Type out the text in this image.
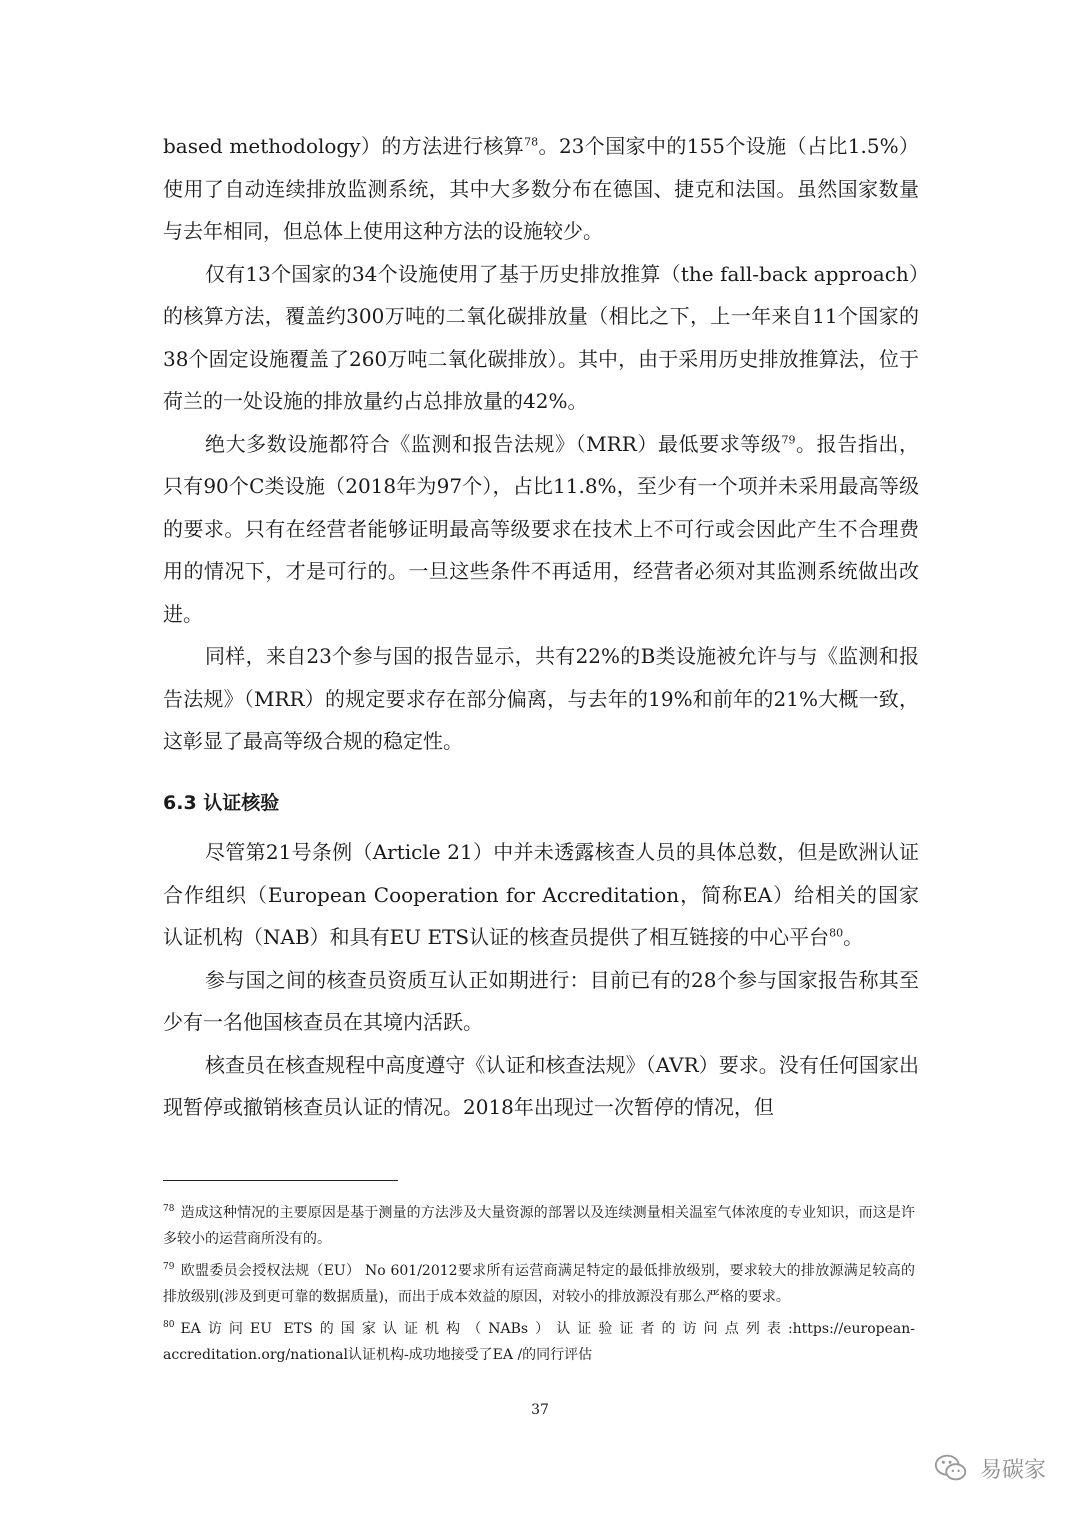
based methodology）的方法进行核算$^{78}$。23个国家中的155个设施（占比1.5%）使用了自动连续排放监测系统，其中大多数分布在德国、捷克和法国。虽然国家数量与去年相同，但总体上使用这种方法的设施较少。

仅有13个国家的34个设施使用了基于历史排放推算（the fall-back approach）的核算方法，覆盖约300万吨的二氧化碳排放量（相比之下，上一年来自11个国家的38个固定设施覆盖了260万吨二氧化碳排放）。其中，由于采用历史排放推算法，位于荷兰的一处设施的排放量约占总排放量的42%。

绝大多数设施都符合《监测和报告法规》（MRR）最低要求等级$^{79}$。报告指出，只有90个C类设施（2018年为97个），占比11.8%，至少有一个项并未采用最高等级的要求。只有在经营者能够证明最高等级要求在技术上不可行或会因此产生不合理费用的情况下，才是可行的。一旦这些条件不再适用，经营者必须对其监测系统做出改进。

同样，来自23个参与国的报告显示，共有22%的B类设施被允许与与《监测和报告法规》（MRR）的规定要求存在部分偏离，与去年的19%和前年的21%大概一致，这彰显了最高等级合规的稳定性。

6.3 认证核验

尽管第21号条例（Article 21）中并未透露核查人员的具体总数，但是欧洲认证合作组织（European Cooperation for Accreditation，简称EA）给相关的国家认证机构（NAB）和具有EU ETS认证的核查员提供了相互链接的中心平台$^{80}$。

参与国之间的核查员资质互认正如期进行：目前已有的28个参与国家报告称其至少有一名他国核查员在其境内活跃。

核查员在核查规程中高度遵守《认证和核查法规》（AVR）要求。没有任何国家出现暂停或撤销核查员认证的情况。2018年出现过一次暂停的情况，但

$^{78}$ 造成这种情况的主要原因是基于测量的方法涉及大量资源的部署以及连续测量相关温室气体浓度的专业知识，而这是许多较小的运营商所没有的。

$^{79}$ 欧盟委员会授权法规（EU） No 601/2012要求所有运营商满足特定的最低排放级别，要求较大的排放源满足较高的排放级别(涉及到更可靠的数据质量)，而出于成本效益的原因，对较小的排放源没有那么严格的要求。

$^{80}$ EA访问EU ETS的国家认证机构（NABs）认证验证者的访问点列表:https://european-accreditation.org/national认证机构-成功地接受了EA /的同行评估

37
易碳家
